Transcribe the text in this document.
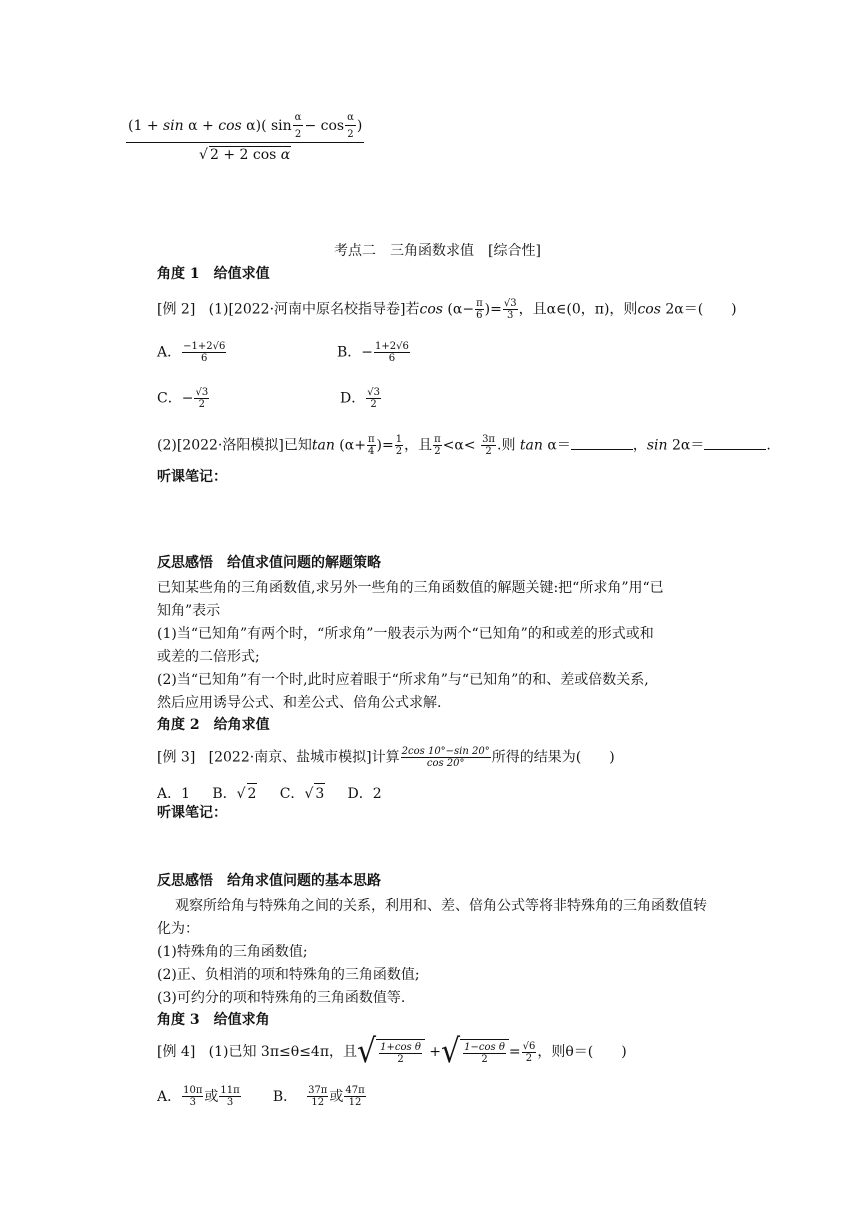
$\frac{(1 + \sin \alpha + \cos \alpha)( \sin \frac{\alpha}{2} - \cos \frac{\alpha}{2} )}{\text{√ 2 + 2 cos α}}$
考点二　三角函数求值　[综合性]
角度 1　给值求值
[例 2] (1)[2022·河南中原名校指导卷]若$\cos (\alpha- \frac{\pi}{6}$ )= $\frac{√3}{3}$ ，且α∈(0，π)，则cos 2α＝(　　)
A． $\frac{-1+2√6}{6}$	B．− $\frac{1+2√6}{6}$
C．− $\frac{√3}{2}$	D． $\frac{√3}{2}$
(2)[2022·洛阳模拟]已知$\tan (\alpha+ \frac{\pi}{4}$ )= $\frac{1}{2}$ ，且 $\frac{\pi}{2} <\alpha< \frac{3\pi}{2}$ .则 tan α＝	，sin 2α＝	.
听课笔记：
反思感悟　给值求值问题的解题策略
已知某些角的三角函数值,求另外一些角的三角函数值的解题关键:把“所求角”用“已
知角”表示
(1)当“已知角”有两个时，“所求角”一般表示为两个“已知角”的和或差的形式或和
或差的二倍形式;
(2)当“已知角”有一个时,此时应着眼于“所求角”与“已知角”的和、差或倍数关系,
然后应用诱导公式、和差公式、倍角公式求解.
角度 2　给角求值
[例 3] [2022·南京、盐城市模拟]计算 $\frac{2\cos 10^\circ-\sin 20^\circ}{\cos 20^\circ}$ 所得的结果为(　　)
A．1 B．√ 2 C．√ 3 D．2
听课笔记：
反思感悟　给角求值问题的基本思路
观察所给角与特殊角之间的关系，利用和、差、倍角公式等将非特殊角的三角函数值转
化为：
(1)特殊角的三角函数值;
(2)正、负相消的项和特殊角的三角函数值;
(3)可约分的项和特殊角的三角函数值等.
角度 3　给值求角
[例 4]
(1)已知 3π≤θ≤4π，且 √ $\frac{\text{1+cos θ}}{2}$ + √ $\frac{\text{1−cos θ}}{2} = \frac{√6}{2}$ ，则θ＝(　　)
A． $\frac{10\pi}{3}$ 或 $\frac{11\pi}{3}$ B． $\frac{37\pi}{12}$ 或 $\frac{47\pi}{12}$
